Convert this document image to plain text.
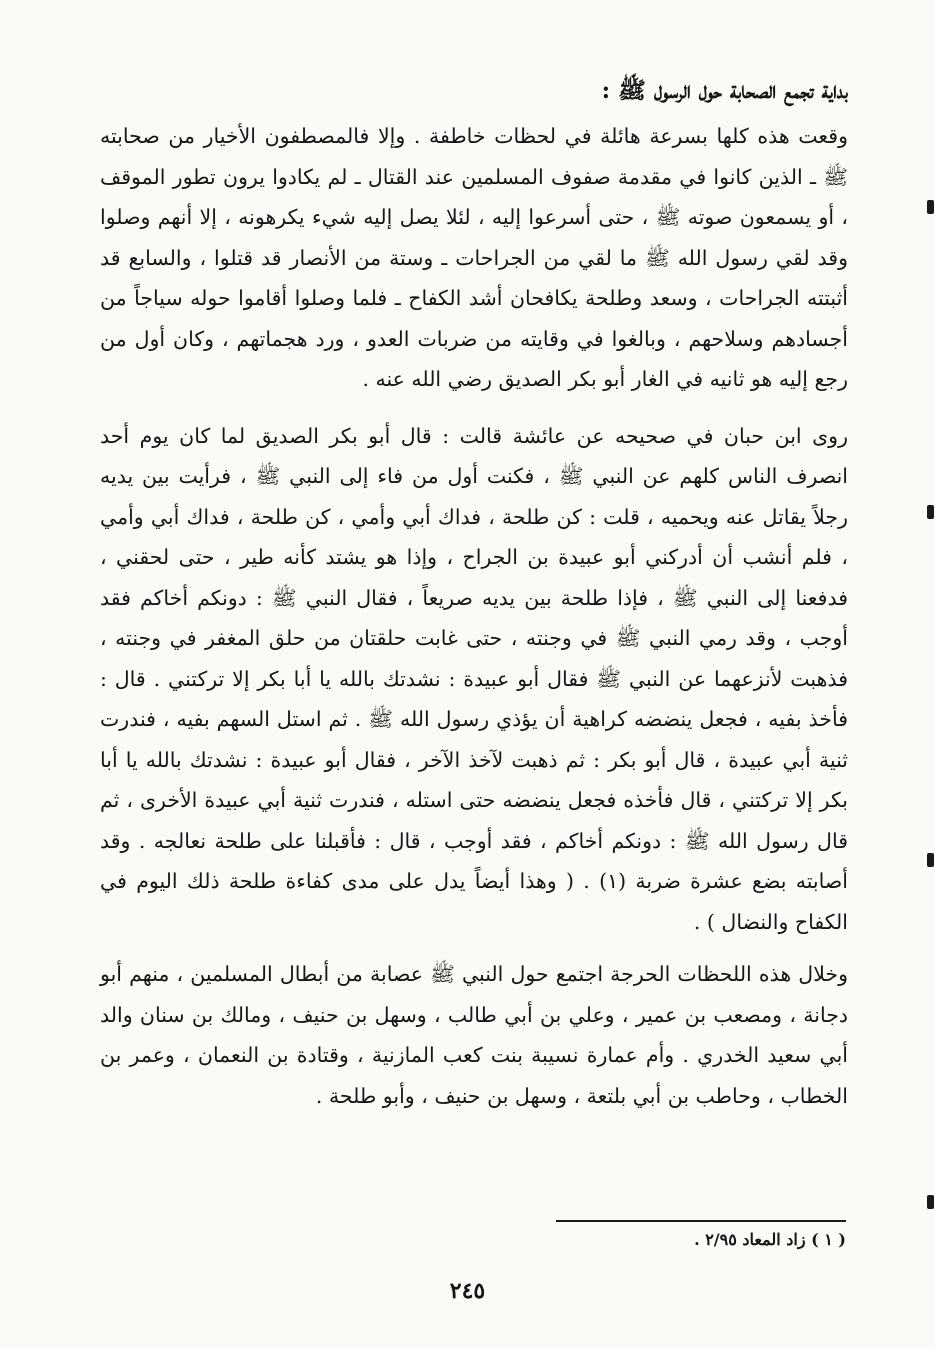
بداية تجمع الصحابة حول الرسول ﷺ :

وقعت هذه كلها بسرعة هائلة في لحظات خاطفة . وإلا فالمصطفون الأخيار من صحابته ﷺ ـ الذين كانوا في مقدمة صفوف المسلمين عند القتال ـ لم يكادوا يرون تطور الموقف ، أو يسمعون صوته ﷺ ، حتى أسرعوا إليه ، لئلا يصل إليه شيء يكرهونه ، إلا أنهم وصلوا وقد لقي رسول الله ﷺ ما لقي من الجراحات ـ وستة من الأنصار قد قتلوا ، والسابع قد أثبتته الجراحات ، وسعد وطلحة يكافحان أشد الكفاح ـ فلما وصلوا أقاموا حوله سياجاً من أجسادهم وسلاحهم ، وبالغوا في وقايته من ضربات العدو ، ورد هجماتهم ، وكان أول من رجع إليه هو ثانيه في الغار أبو بكر الصديق رضي الله عنه .

روى ابن حبان في صحيحه عن عائشة قالت : قال أبو بكر الصديق لما كان يوم أحد انصرف الناس كلهم عن النبي ﷺ ، فكنت أول من فاء إلى النبي ﷺ ، فرأيت بين يديه رجلاً يقاتل عنه ويحميه ، قلت : كن طلحة ، فداك أبي وأمي ، كن طلحة ، فداك أبي وأمي ، فلم أنشب أن أدركني أبو عبيدة بن الجراح ، وإذا هو يشتد كأنه طير ، حتى لحقني ، فدفعنا إلى النبي ﷺ ، فإذا طلحة بين يديه صريعاً ، فقال النبي ﷺ : دونكم أخاكم فقد أوجب ، وقد رمي النبي ﷺ في وجنته ، حتى غابت حلقتان من حلق المغفر في وجنته ، فذهبت لأنزعهما عن النبي ﷺ فقال أبو عبيدة : نشدتك بالله يا أبا بكر إلا تركتني . قال : فأخذ بفيه ، فجعل ينضضه كراهية أن يؤذي رسول الله ﷺ . ثم استل السهم بفيه ، فندرت ثنية أبي عبيدة ، قال أبو بكر : ثم ذهبت لآخذ الآخر ، فقال أبو عبيدة : نشدتك بالله يا أبا بكر إلا تركتني ، قال فأخذه فجعل ينضضه حتى استله ، فندرت ثنية أبي عبيدة الأخرى ، ثم قال رسول الله ﷺ : دونكم أخاكم ، فقد أوجب ، قال : فأقبلنا على طلحة نعالجه . وقد أصابته بضع عشرة ضربة (١) . ( وهذا أيضاً يدل على مدى كفاءة طلحة ذلك اليوم في الكفاح والنضال ) .

وخلال هذه اللحظات الحرجة اجتمع حول النبي ﷺ عصابة من أبطال المسلمين ، منهم أبو دجانة ، ومصعب بن عمير ، وعلي بن أبي طالب ، وسهل بن حنيف ، ومالك بن سنان والد أبي سعيد الخدري . وأم عمارة نسيبة بنت كعب المازنية ، وقتادة بن النعمان ، وعمر بن الخطاب ، وحاطب بن أبي بلتعة ، وسهل بن حنيف ، وأبو طلحة .

( ١ ) زاد المعاد ٢/٩٥ .
٢٤٥
